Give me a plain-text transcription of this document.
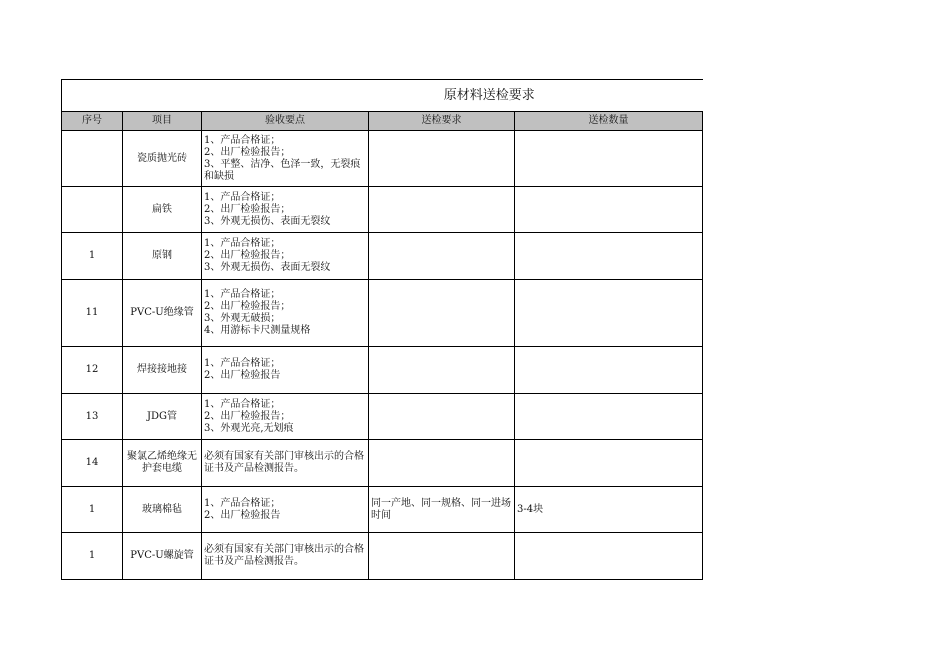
原材料送检要求				
序号	项目	验收要点	送检要求	送检数量
	瓷质抛光砖	1、产品合格证；
2、出厂检验报告；
3、平整、洁净、色泽一致，无裂痕和缺损		
	扁铁	1、产品合格证；
2、出厂检验报告；
3、外观无损伤、表面无裂纹		
1	原钢	1、产品合格证；
2、出厂检验报告；
3、外观无损伤、表面无裂纹		
11	PVC-U绝缘管	1、产品合格证；
2、出厂检验报告；
3、外观无破损；
4、用游标卡尺测量规格		
12	焊接接地接	1、产品合格证；
2、出厂检验报告		
13	JDG管	1、产品合格证；
2、出厂检验报告；
3、外观光亮,无划痕		
14	聚氯乙烯绝缘无护套电缆	必须有国家有关部门审核出示的合格证书及产品检测报告。		
1	玻璃棉毡	1、产品合格证；
2、出厂检验报告	同一产地、同一规格、同一进场时间	3-4块
1	PVC-U螺旋管	必须有国家有关部门审核出示的合格证书及产品检测报告。		
